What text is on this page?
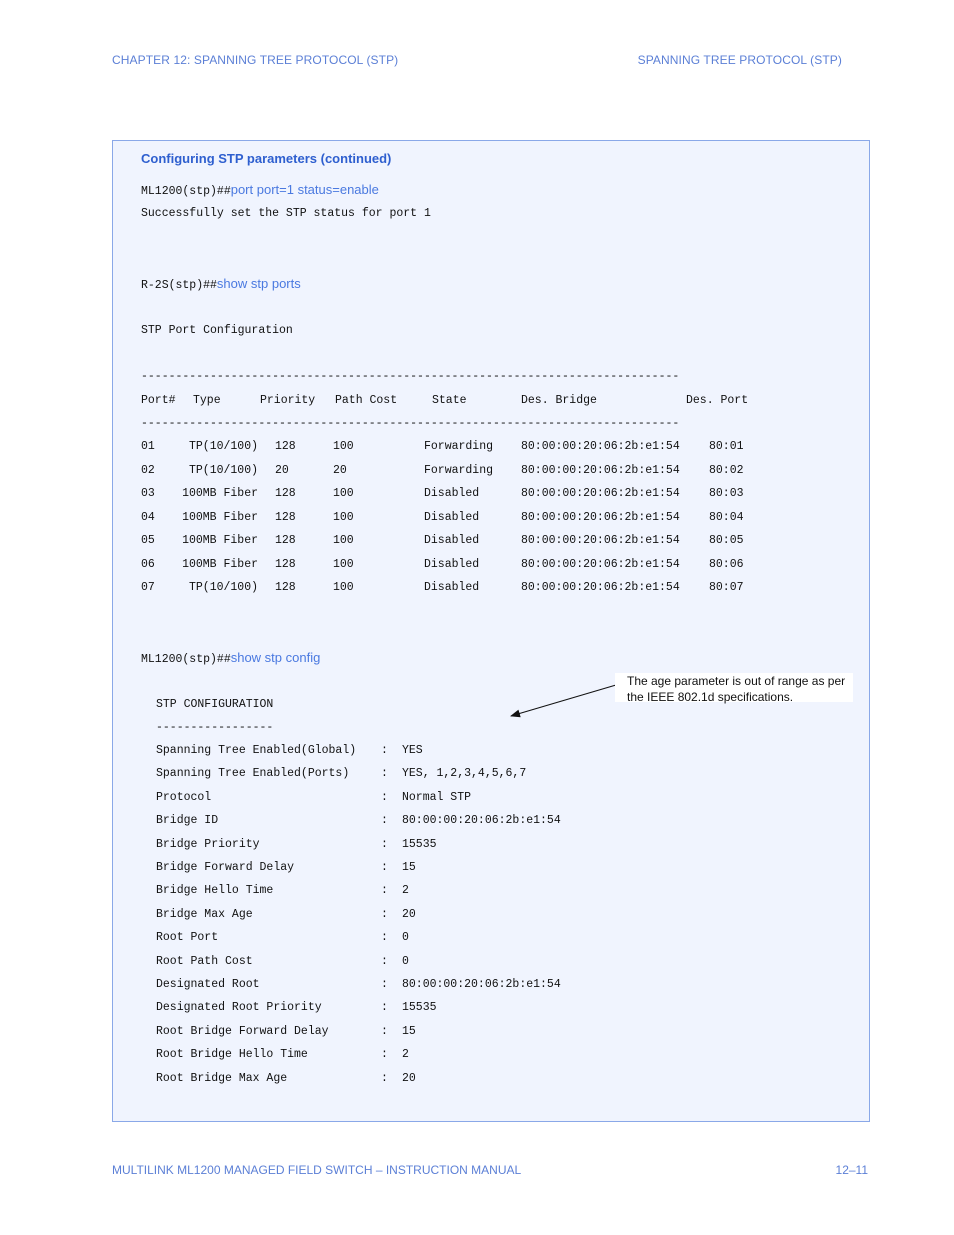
CHAPTER 12: SPANNING TREE PROTOCOL (STP)	SPANNING TREE PROTOCOL (STP)
Configuring STP parameters (continued)
ML1200(stp)##port port=1 status=enable
Successfully set the STP status for port 1
R-2S(stp)##show stp ports
STP Port Configuration
------------------------------------------------------------------------------
Port# Type	Priority Path Cost	State	Des. Bridge	Des. Port
01	TP(10/100) 128	100	Forwarding 80:00:00:20:06:2b:e1:54	80:01
02	TP(10/100) 20	20	Forwarding 80:00:00:20:06:2b:e1:54	80:02
03	100MB Fiber 128	100	Disabled	80:00:00:20:06:2b:e1:54	80:03
04	100MB Fiber 128	100	Disabled	80:00:00:20:06:2b:e1:54	80:04
05	100MB Fiber 128	100	Disabled	80:00:00:20:06:2b:e1:54	80:05
06	100MB Fiber 128	100	Disabled	80:00:00:20:06:2b:e1:54	80:06
07	TP(10/100) 128	100	Disabled	80:00:00:20:06:2b:e1:54	80:07
------------------------------------------------------------------------------
ML1200(stp)##show stp config
STP CONFIGURATION
-----------------
Spanning Tree Enabled(Global) : YES
Spanning Tree Enabled(Ports)	: YES, 1,2,3,4,5,6,7
Protocol	: Normal STP
Bridge ID	: 80:00:00:20:06:2b:e1:54
Bridge Priority	: 15535
Bridge Forward Delay	: 15
Bridge Hello Time	: 2
Bridge Max Age	: 20
Root Port	: 0
Root Path Cost	: 0
Designated Root	: 80:00:00:20:06:2b:e1:54
Designated Root Priority	: 15535
Root Bridge Forward Delay	: 15
Root Bridge Hello Time	: 2
Root Bridge Max Age	: 20
The age parameter is out of range as per the IEEE 802.1d specifications.
MULTILINK ML1200 MANAGED FIELD SWITCH – INSTRUCTION MANUAL	12–11
